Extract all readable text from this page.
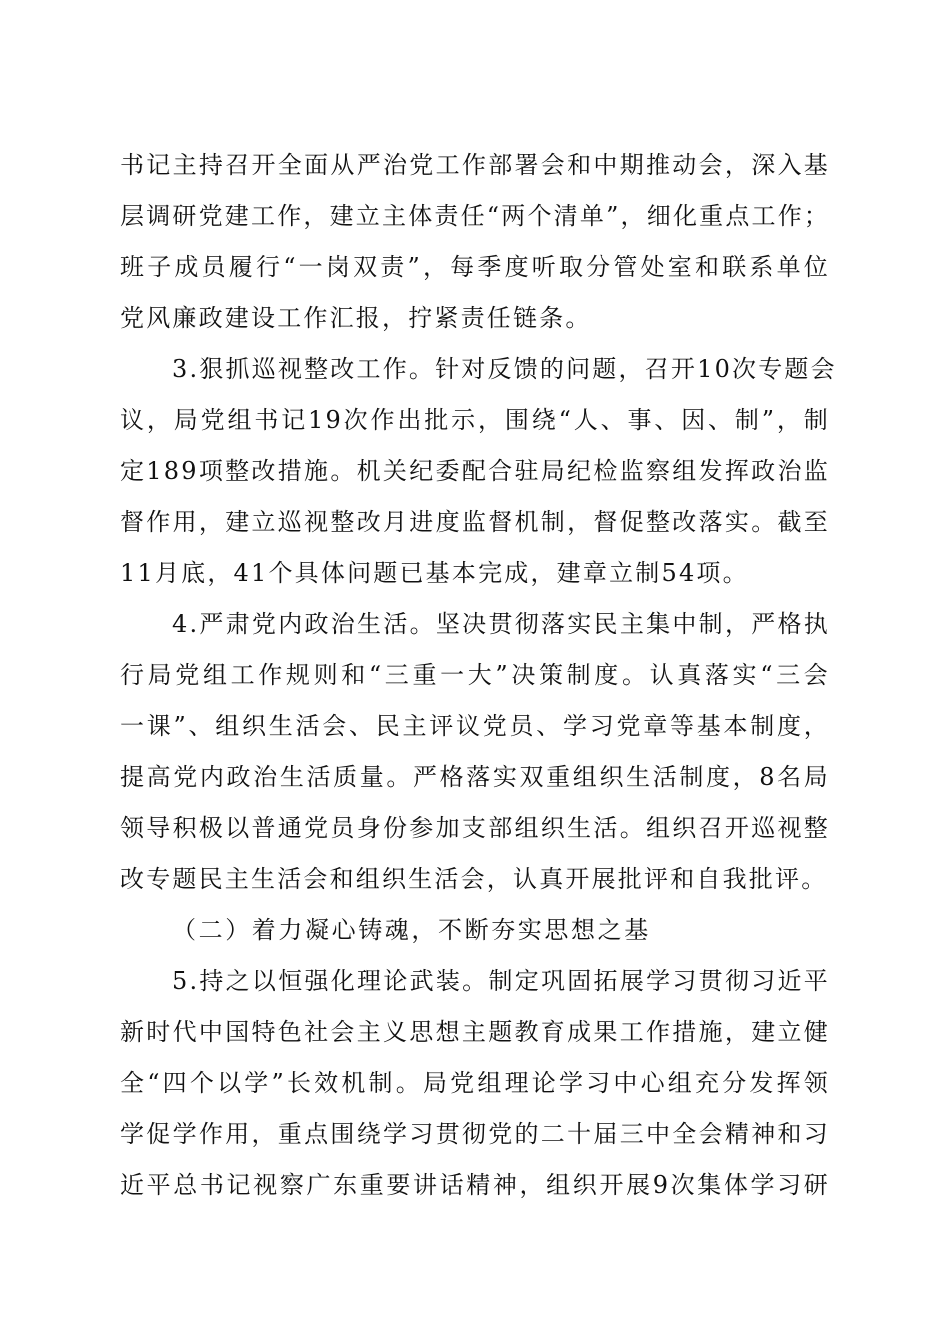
书记主持召开全面从严治党工作部署会和中期推动会，深入基
层调研党建工作，建立主体责任“两个清单”，细化重点工作；
班子成员履行“一岗双责”，每季度听取分管处室和联系单位
党风廉政建设工作汇报，拧紧责任链条。
3.狠抓巡视整改工作。针对反馈的问题，召开10次专题会
议，局党组书记19次作出批示，围绕“人、事、因、制”，制
定189项整改措施。机关纪委配合驻局纪检监察组发挥政治监
督作用，建立巡视整改月进度监督机制，督促整改落实。截至
11月底，41个具体问题已基本完成，建章立制54项。
4.严肃党内政治生活。坚决贯彻落实民主集中制，严格执
行局党组工作规则和“三重一大”决策制度。认真落实“三会
一课”、组织生活会、民主评议党员、学习党章等基本制度，
提高党内政治生活质量。严格落实双重组织生活制度，8名局
领导积极以普通党员身份参加支部组织生活。组织召开巡视整
改专题民主生活会和组织生活会，认真开展批评和自我批评。
（二）着力凝心铸魂，不断夯实思想之基
5.持之以恒强化理论武装。制定巩固拓展学习贯彻习近平
新时代中国特色社会主义思想主题教育成果工作措施，建立健
全“四个以学”长效机制。局党组理论学习中心组充分发挥领
学促学作用，重点围绕学习贯彻党的二十届三中全会精神和习
近平总书记视察广东重要讲话精神，组织开展9次集体学习研
